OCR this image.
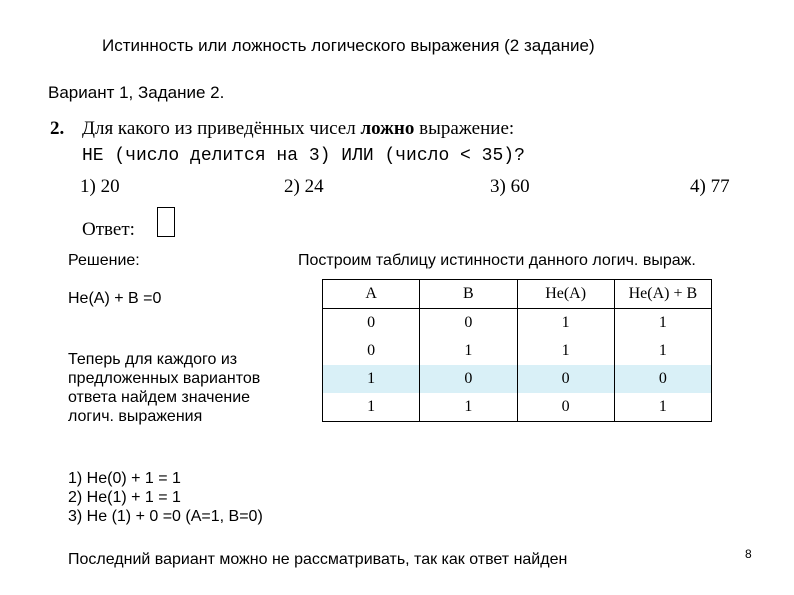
Истинность или ложность логического выражения (2 задание)
Вариант 1, Задание 2.
2. Для какого из приведённых чисел ложно выражение:
НЕ (число делится на 3) ИЛИ (число < 35)?
1) 20	2) 24	3) 60	4) 77
Ответ:
Решение:	Построим таблицу истинности данного логич. выраж.
Не(A) + B =0
Теперь для каждого из
предложенных вариантов
ответа найдем значение
логич. выражения
A	B	Не(A)	Не(A) + B
0	0	1	1
0	1	1	1
1	0	0	0
1	1	0	1
1) Не(0) + 1 = 1
2) Не(1) + 1 = 1
3) Не (1) + 0 =0 (A=1, B=0)
Последний вариант можно не рассматривать, так как ответ найден	8
